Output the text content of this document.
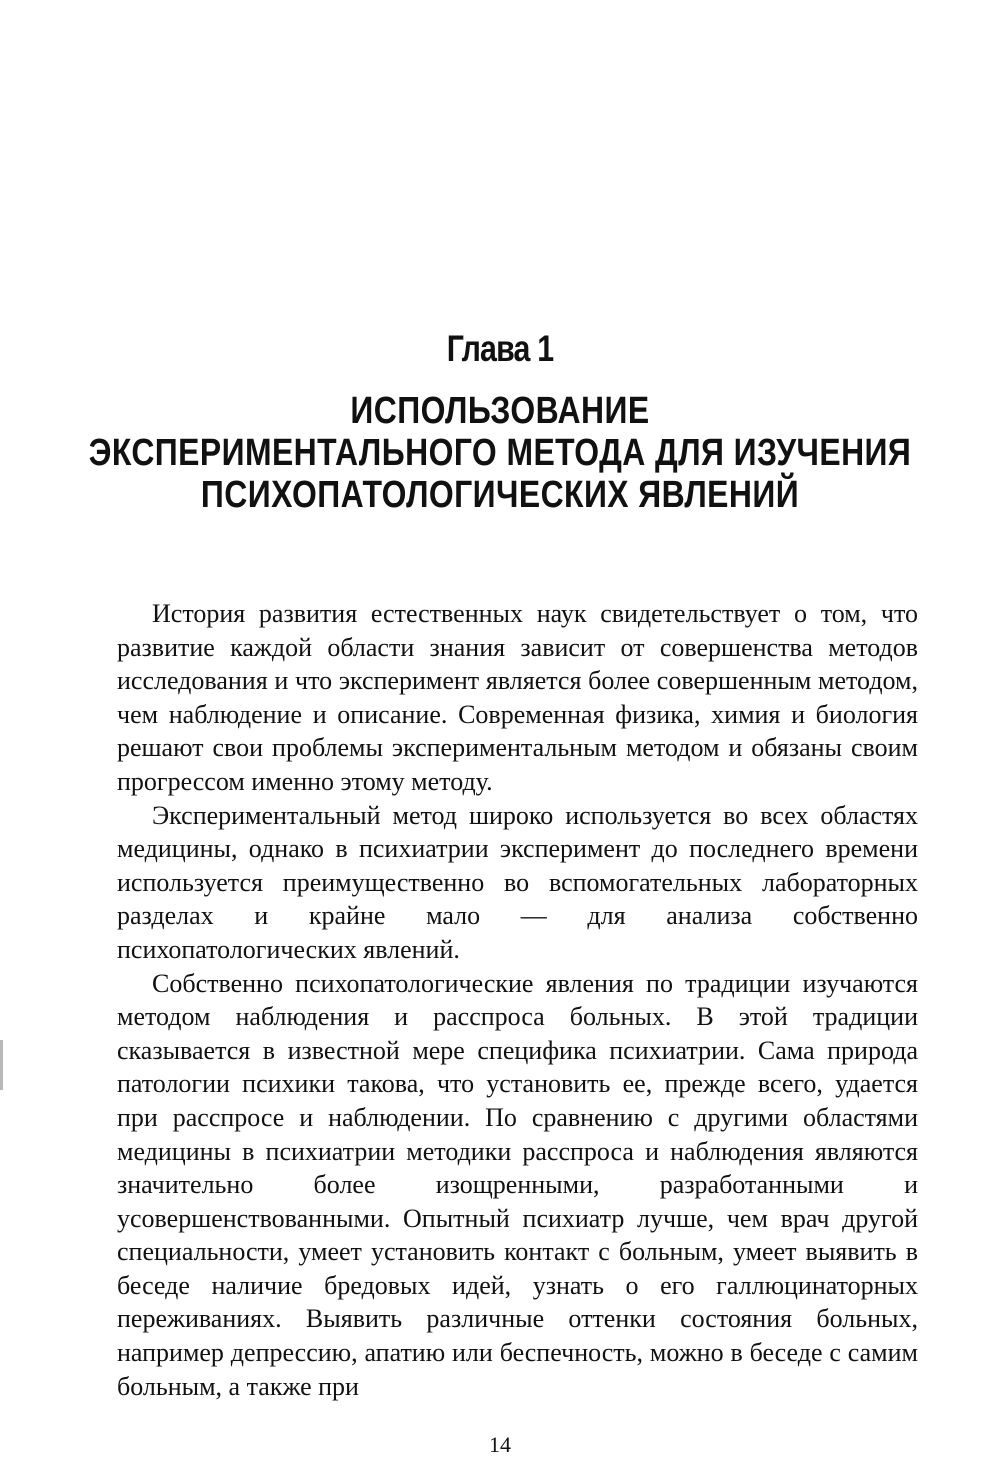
Глава 1
ИСПОЛЬЗОВАНИЕ
ЭКСПЕРИМЕНТАЛЬНОГО МЕТОДА ДЛЯ ИЗУЧЕНИЯ
ПСИХОПАТОЛОГИЧЕСКИХ ЯВЛЕНИЙ

История развития естественных наук свидетельствует о том, что развитие каждой области знания зависит от совершенства методов исследования и что эксперимент является более совершенным методом, чем наблюдение и описание. Современная физика, химия и биология решают свои проблемы экспериментальным методом и обязаны своим прогрессом именно этому методу.

Экспериментальный метод широко используется во всех областях медицины, однако в психиатрии эксперимент до последнего времени используется преимущественно во вспомогательных лабораторных разделах и крайне мало — для анализа собственно психопатологических явлений.

Собственно психопатологические явления по традиции изучаются методом наблюдения и расспроса больных. В этой традиции сказывается в известной мере специфика психиатрии. Сама природа патологии психики такова, что установить ее, прежде всего, удается при расспросе и наблюдении. По сравнению с другими областями медицины в психиатрии методики расспроса и наблюдения являются значительно более изощренными, разработанными и усовершенствованными. Опытный психиатр лучше, чем врач другой специальности, умеет установить контакт с больным, умеет выявить в беседе наличие бредовых идей, узнать о его галлюцинаторных переживаниях. Выявить различные оттенки состояния больных, например депрессию, апатию или беспечность, можно в беседе с самим больным, а также при

14
